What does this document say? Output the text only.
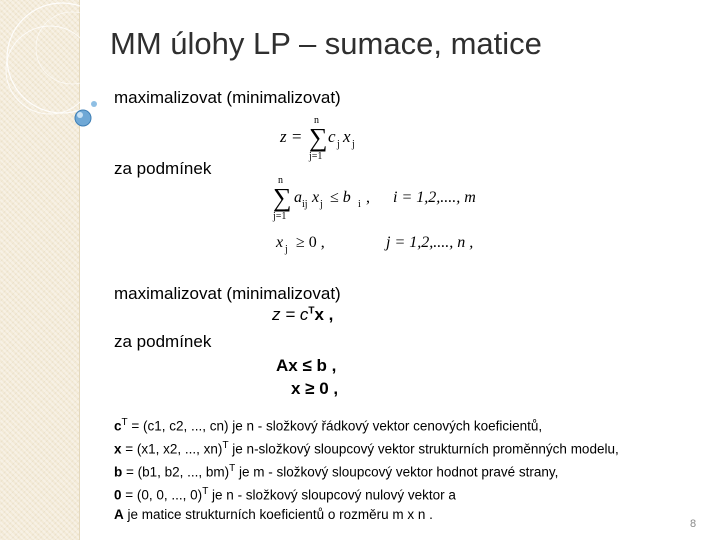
MM úlohy LP – sumace, matice
maximalizovat (minimalizovat)
z =
n
∑
j=1
c j x j
za podmínek
n
∑
j=1
a ij x j ≤ b i , i = 1,2,...., m
x j ≥ 0 ,	j = 1,2,...., n ,
maximalizovat (minimalizovat)
$z = c^Tx$ ,
za podmínek
Ax ≤ b ,
x ≥ 0 ,
$c^T = (c1$, c2, ..., cn) je n - složkový řádkový vektor cenových koeficientů,
x = (x1, x2, ..., xn)$^T$ je n-složkový sloupcový vektor strukturních proměnných modelu,
b = (b1, b2, ..., bm)$^T$ je m - složkový sloupcový vektor hodnot pravé strany,
0 = (0, 0, ..., 0)$^T$ je n - složkový sloupcový nulový vektor a
A je matice strukturních koeficientů o rozměru m x n .
8
